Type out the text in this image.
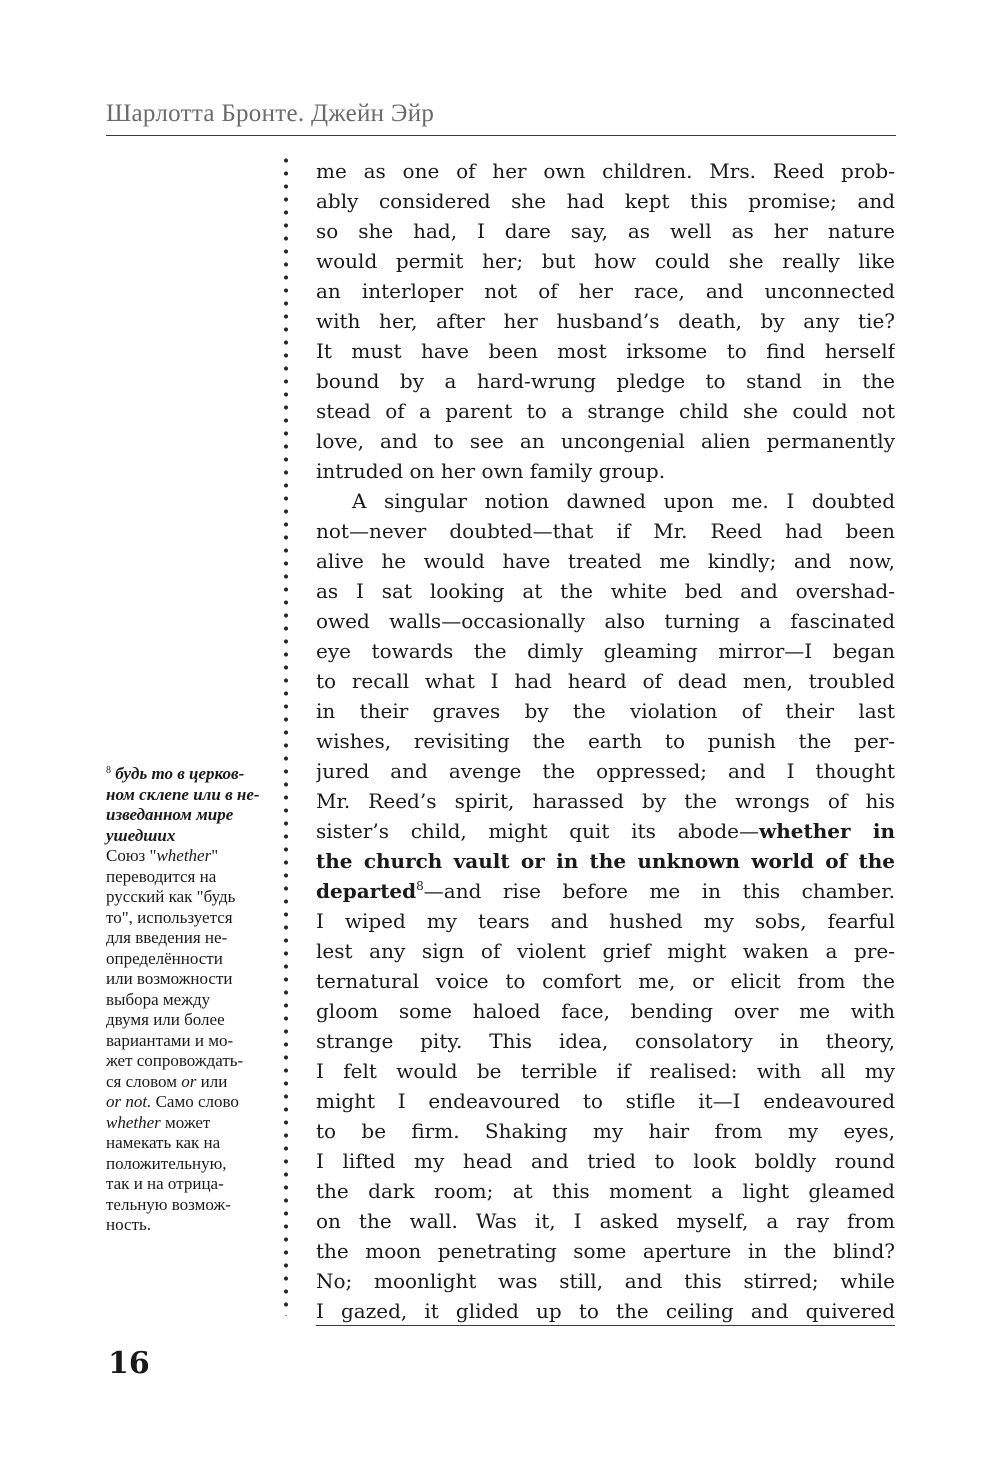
Шарлотта Бронте. Джейн Эйр
me as one of her own children. Mrs. Reed prob-
ably considered she had kept this promise; and
so she had, I dare say, as well as her nature
would permit her; but how could she really like
an interloper not of her race, and unconnected
with her, after her husband’s death, by any tie?
It must have been most irksome to find herself
bound by a hard-wrung pledge to stand in the
stead of a parent to a strange child she could not
love, and to see an uncongenial alien permanently
intruded on her own family group.
A singular notion dawned upon me. I doubted
not—never doubted—that if Mr. Reed had been
alive he would have treated me kindly; and now,
as I sat looking at the white bed and overshad-
owed walls—occasionally also turning a fascinated
eye towards the dimly gleaming mirror—I began
to recall what I had heard of dead men, troubled
in their graves by the violation of their last
wishes, revisiting the earth to punish the per-
jured and avenge the oppressed; and I thought
Mr. Reed’s spirit, harassed by the wrongs of his
sister’s child, might quit its abode—whether in
the church vault or in the unknown world of the
departed$^8$—and rise before me in this chamber.
I wiped my tears and hushed my sobs, fearful
lest any sign of violent grief might waken a pre-
ternatural voice to comfort me, or elicit from the
gloom some haloed face, bending over me with
strange pity. This idea, consolatory in theory,
I felt would be terrible if realised: with all my
might I endeavoured to stifle it—I endeavoured
to be firm. Shaking my hair from my eyes,
I lifted my head and tried to look boldly round
the dark room; at this moment a light gleamed
on the wall. Was it, I asked myself, a ray from
the moon penetrating some aperture in the blind?
No; moonlight was still, and this stirred; while
I gazed, it glided up to the ceiling and quivered
$^8$ будь то в церков-
ном склепе или в не-
изведанном мире
ушедших
Союз "whether"
переводится на
русский как "будь
то", используется
для введения не-
определённости
или возможности
выбора между
двумя или более
вариантами и мо-
жет сопровождать-
ся словом or или
or not. Само слово
whether может
намекать как на
положительную,
так и на отрица-
тельную возмож-
ность.
16
